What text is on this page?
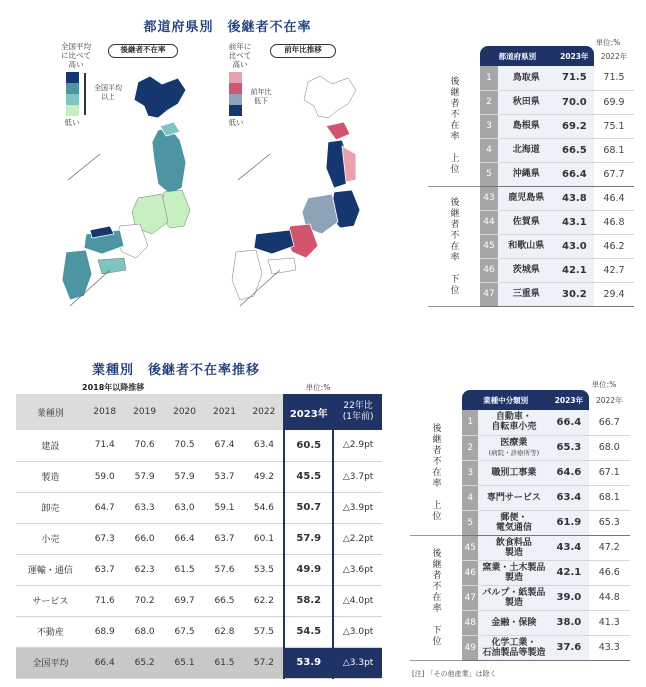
都道府県別　後継者不在率
全国平均
に比べて
高い
全国平均
以上
低い
後継者不在率	前年に
比べて
高い
前年比
低下
低い
前年比推移
単位:%
	都道府県別		2023年	2022年
後継者不在率　上位	1	鳥取県	71.5	71.5
	2	秋田県	70.0	69.9
	3	島根県	69.2	75.1
	4	北海道	66.5	68.1
	5	沖縄県	66.4	67.7
後継者不在率　下位	43	鹿児島県	43.8	46.4
	44	佐賀県	43.1	46.8
	45	和歌山県	43.0	46.2
	46	茨城県	42.1	42.7
	47	三重県	30.2	29.4
業種別　後継者不在率推移
2018年以降推移	単位:%
業種別	2018	2019	2020	2021	2022	2023年	22年比
(1年前)
建設	71.4	70.6	70.5	67.4	63.4	60.5	△2.9pt
製造	59.0	57.9	57.9	53.7	49.2	45.5	△3.7pt
卸売	64.7	63.3	63.0	59.1	54.6	50.7	△3.9pt
小売	67.3	66.0	66.4	63.7	60.1	57.9	△2.2pt
運輸・通信	63.7	62.3	61.5	57.6	53.5	49.9	△3.6pt
サービス	71.6	70.2	69.7	66.5	62.2	58.2	△4.0pt
不動産	68.9	68.0	67.5	62.8	57.5	54.5	△3.0pt
全国平均	66.4	65.2	65.1	61.5	57.2	53.9	△3.3pt
単位:%
	業種中分類別		2023年	2022年
後継者不在率　上位	1	自動車・
自転車小売	66.4	66.7
	2	医療業
(病院・診療所等)	65.3	68.0
	3	職別工事業	64.6	67.1
	4	専門サービス	63.4	68.1
	5	郵便・
電気通信	61.9	65.3
後継者不在率　下位	45	飲食料品
製造	43.4	47.2
	46	窯業・土木製品
製造	42.1	46.6
	47	パルプ・紙製品
製造	39.0	44.8
	48	金融・保険	38.0	41.3
	49	化学工業・
石油製品等製造	37.6	43.3
[注] 「その他産業」は除く
